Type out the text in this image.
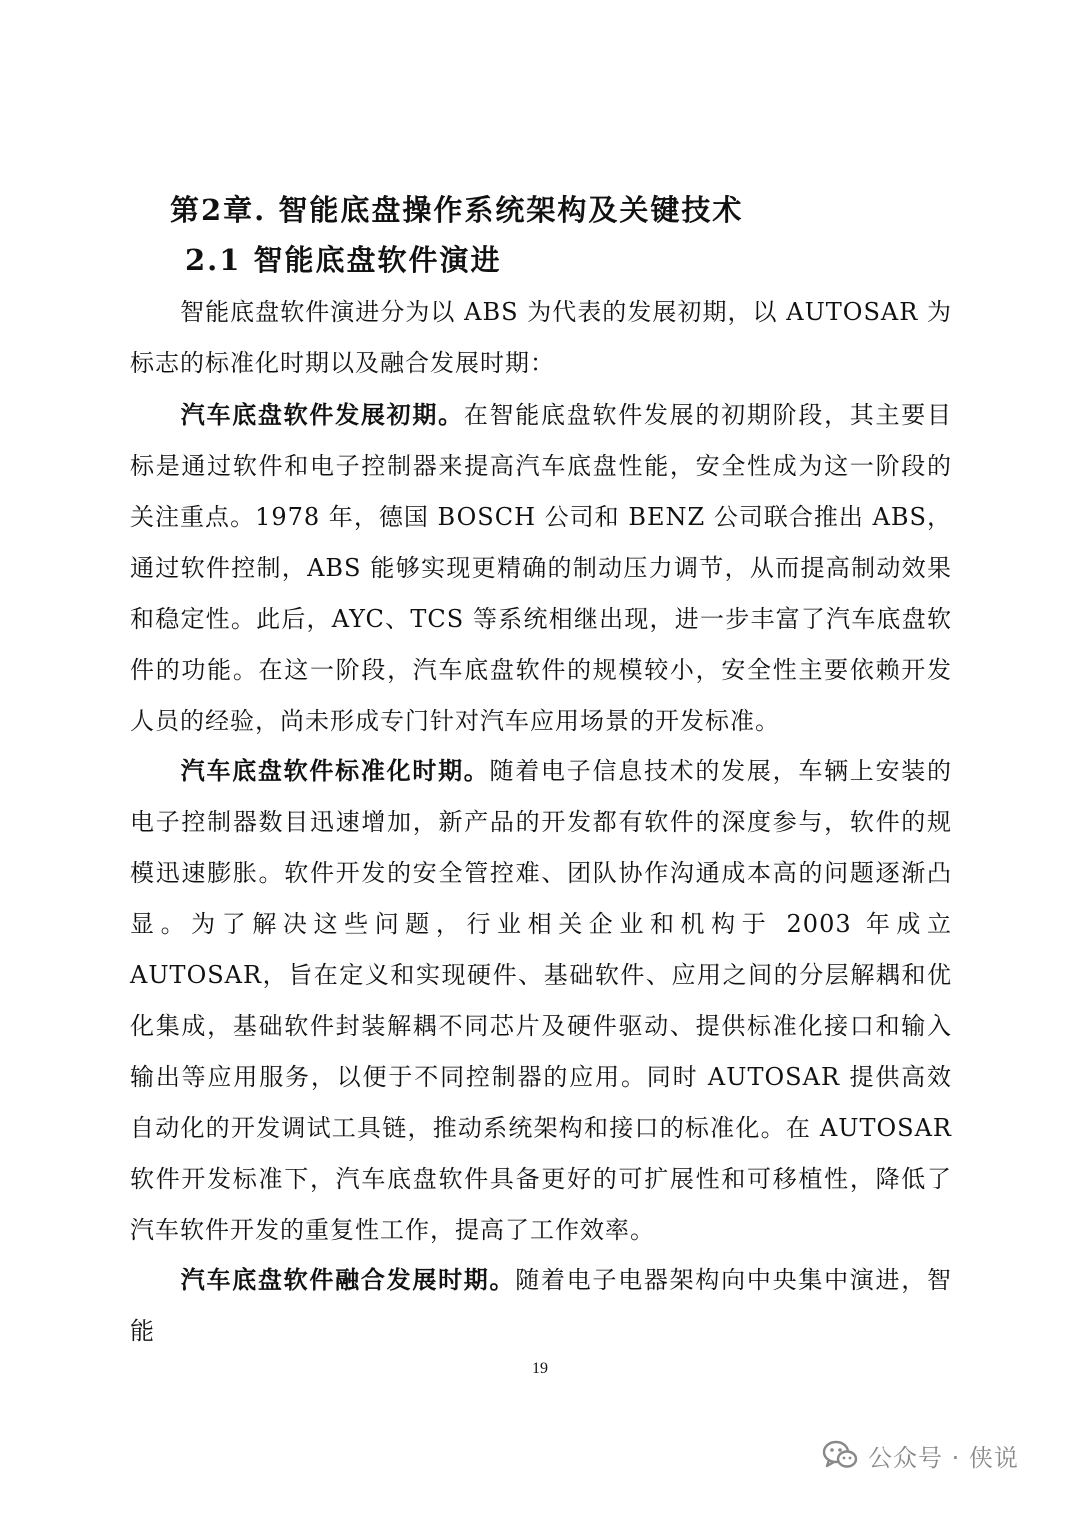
第2章. 智能底盘操作系统架构及关键技术
2.1 智能底盘软件演进

智能底盘软件演进分为以 ABS 为代表的发展初期，以 AUTOSAR 为标志的标准化时期以及融合发展时期：

汽车底盘软件发展初期。在智能底盘软件发展的初期阶段，其主要目标是通过软件和电子控制器来提高汽车底盘性能，安全性成为这一阶段的关注重点。1978 年，德国 BOSCH 公司和 BENZ 公司联合推出 ABS，通过软件控制，ABS 能够实现更精确的制动压力调节，从而提高制动效果和稳定性。此后，AYC、TCS 等系统相继出现，进一步丰富了汽车底盘软件的功能。在这一阶段，汽车底盘软件的规模较小，安全性主要依赖开发人员的经验，尚未形成专门针对汽车应用场景的开发标准。

汽车底盘软件标准化时期。随着电子信息技术的发展，车辆上安装的电子控制器数目迅速增加，新产品的开发都有软件的深度参与，软件的规模迅速膨胀。软件开发的安全管控难、团队协作沟通成本高的问题逐渐凸显。为了解决这些问题，行业相关企业和机构于 2003 年成立 AUTOSAR，旨在定义和实现硬件、基础软件、应用之间的分层解耦和优化集成，基础软件封装解耦不同芯片及硬件驱动、提供标准化接口和输入输出等应用服务，以便于不同控制器的应用。同时 AUTOSAR 提供高效自动化的开发调试工具链，推动系统架构和接口的标准化。在 AUTOSAR 软件开发标准下，汽车底盘软件具备更好的可扩展性和可移植性，降低了汽车软件开发的重复性工作，提高了工作效率。

汽车底盘软件融合发展时期。随着电子电器架构向中央集中演进，智能

19

公众号 · 侠说
